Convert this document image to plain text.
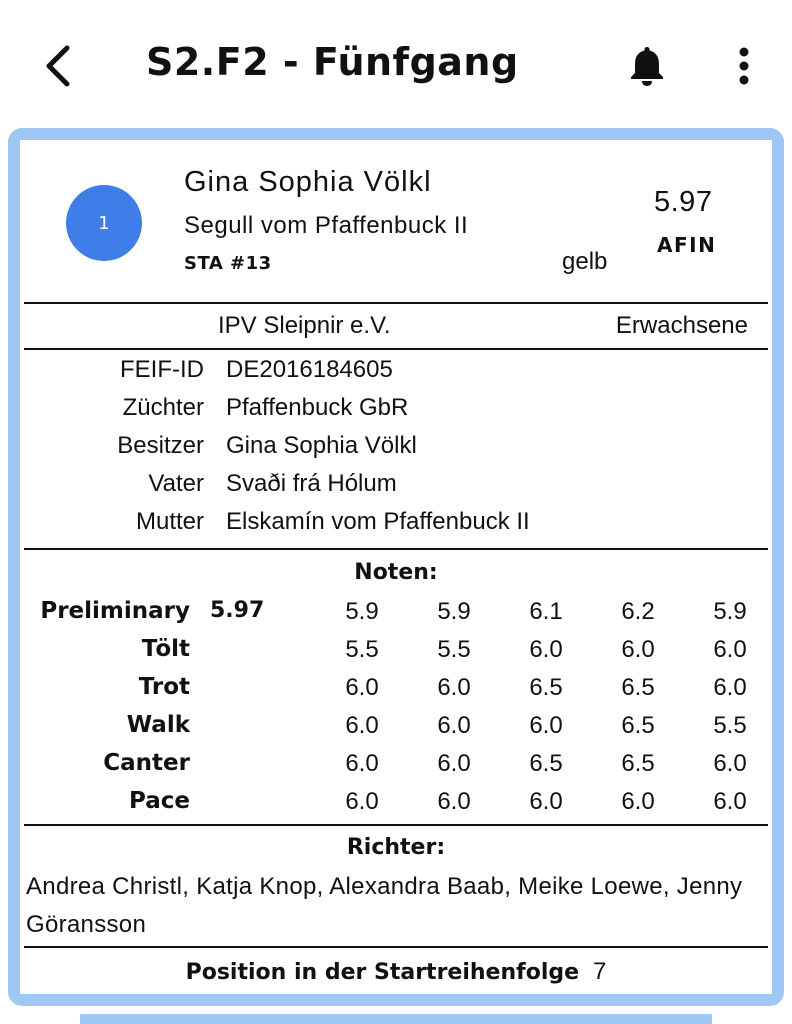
S2.F2 - Fünfgang
1
Gina Sophia Völkl
Segull vom Pfaffenbuck II
STA #13	gelb
5.97
AFIN
IPV Sleipnir e.V.	Erwachsene
FEIF-ID DE2016184605
Züchter Pfaffenbuck GbR
Besitzer Gina Sophia Völkl
Vater Svaði frá Hólum
Mutter Elskamín vom Pfaffenbuck II
Noten:
Preliminary 5.97	5.9	5.9	6.1	6.2	5.9
Tölt	5.5	5.5	6.0	6.0	6.0
Trot	6.0	6.0	6.5	6.5	6.0
Walk	6.0	6.0	6.0	6.5	5.5
Canter	6.0	6.0	6.5	6.5	6.0
Pace	6.0	6.0	6.0	6.0	6.0
Richter:
Andrea Christl, Katja Knop, Alexandra Baab, Meike Loewe, Jenny Göransson
Position in der Startreihenfolge 7
